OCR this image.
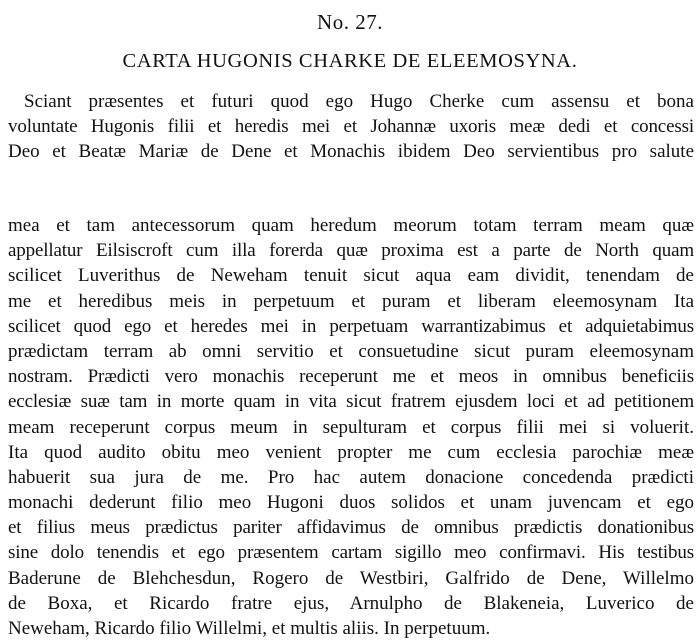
No. 27.
CARTA HUGONIS CHARKE DE ELEEMOSYNA.
Sciant præsentes et futuri quod ego Hugo Cherke cum assensu et bona
voluntate Hugonis filii et heredis mei et Johannæ uxoris meæ dedi et concessi
Deo et Beatæ Mariæ de Dene et Monachis ibidem Deo servientibus pro salute
mea et tam antecessorum quam heredum meorum totam terram meam quæ
appellatur Eilsiscroft cum illa forerda quæ proxima est a parte de North quam
scilicet Luverithus de Neweham tenuit sicut aqua eam dividit, tenendam de
me et heredibus meis in perpetuum et puram et liberam eleemosynam Ita
scilicet quod ego et heredes mei in perpetuam warrantizabimus et adquietabimus
prædictam terram ab omni servitio et consuetudine sicut puram eleemosynam
nostram. Prædicti vero monachis receperunt me et meos in omnibus beneficiis
ecclesiæ suæ tam in morte quam in vita sicut fratrem ejusdem loci et ad petitionem
meam receperunt corpus meum in sepulturam et corpus filii mei si voluerit.
Ita quod audito obitu meo venient propter me cum ecclesia parochiæ meæ
habuerit sua jura de me. Pro hac autem donacione concedenda prædicti
monachi dederunt filio meo Hugoni duos solidos et unam juvencam et ego
et filius meus prædictus pariter affidavimus de omnibus prædictis donationibus
sine dolo tenendis et ego præsentem cartam sigillo meo confirmavi. His testibus
Baderune de Blehchesdun, Rogero de Westbiri, Galfrido de Dene, Willelmo
de Boxa, et Ricardo fratre ejus, Arnulpho de Blakeneia, Luverico de
Neweham, Ricardo filio Willelmi, et multis aliis. In perpetuum.
